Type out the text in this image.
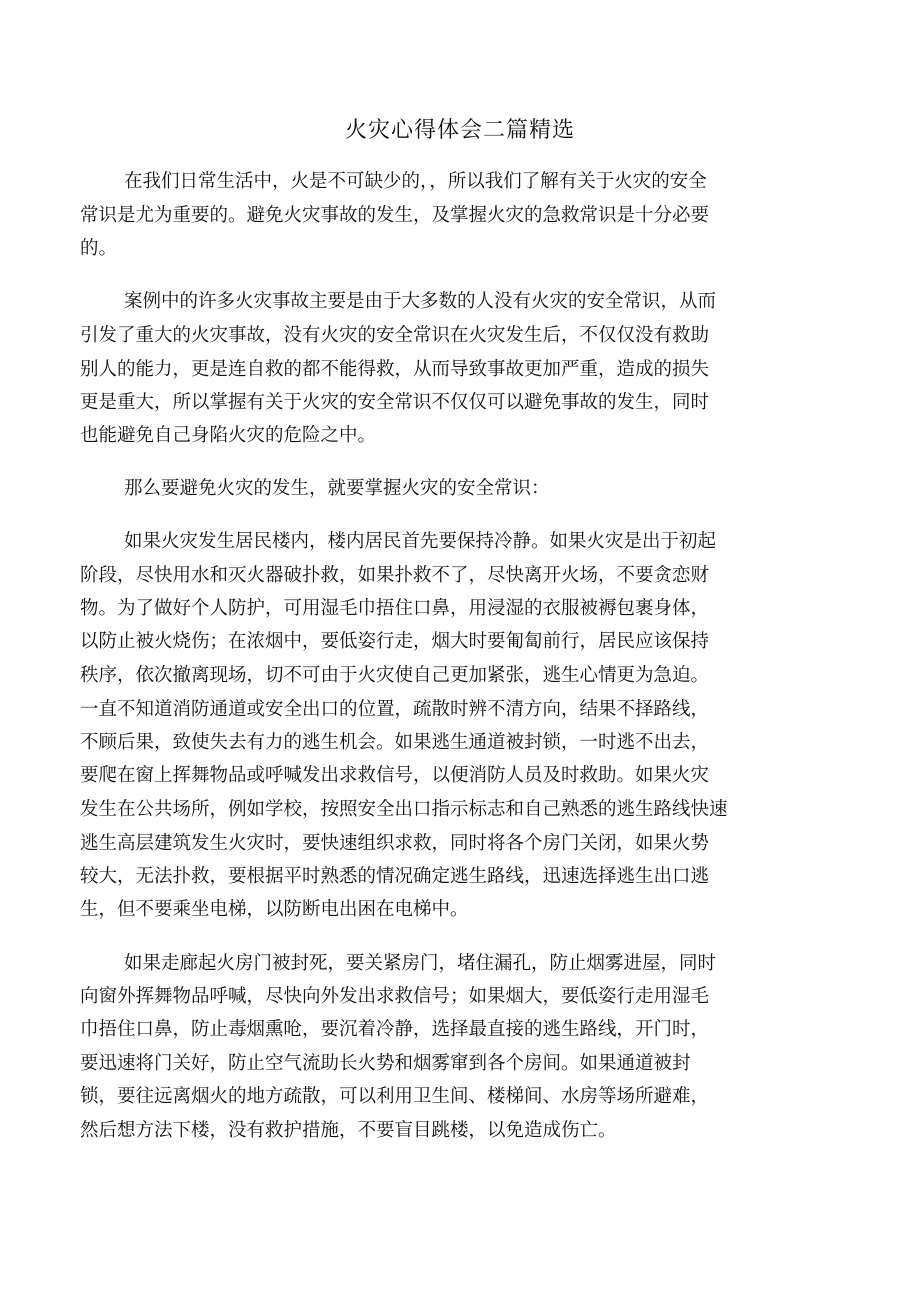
火灾心得体会二篇精选
在我们日常生活中，火是不可缺少的，，所以我们了解有关于火灾的安全
常识是尤为重要的。避免火灾事故的发生，及掌握火灾的急救常识是十分必要
的。
案例中的许多火灾事故主要是由于大多数的人没有火灾的安全常识，从而
引发了重大的火灾事故，没有火灾的安全常识在火灾发生后，不仅仅没有救助
别人的能力，更是连自救的都不能得救，从而导致事故更加严重，造成的损失
更是重大，所以掌握有关于火灾的安全常识不仅仅可以避免事故的发生，同时
也能避免自己身陷火灾的危险之中。
那么要避免火灾的发生，就要掌握火灾的安全常识：
如果火灾发生居民楼内，楼内居民首先要保持冷静。如果火灾是出于初起
阶段，尽快用水和灭火器破扑救，如果扑救不了，尽快离开火场，不要贪恋财
物。为了做好个人防护，可用湿毛巾捂住口鼻，用浸湿的衣服被褥包裹身体，
以防止被火烧伤；在浓烟中，要低姿行走，烟大时要匍匐前行，居民应该保持
秩序，依次撤离现场，切不可由于火灾使自己更加紧张，逃生心情更为急迫。
一直不知道消防通道或安全出口的位置，疏散时辨不清方向，结果不择路线，
不顾后果，致使失去有力的逃生机会。如果逃生通道被封锁，一时逃不出去，
要爬在窗上挥舞物品或呼喊发出求救信号，以便消防人员及时救助。如果火灾
发生在公共场所，例如学校，按照安全出口指示标志和自己熟悉的逃生路线快速
逃生高层建筑发生火灾时，要快速组织求救，同时将各个房门关闭，如果火势
较大，无法扑救，要根据平时熟悉的情况确定逃生路线，迅速选择逃生出口逃
生，但不要乘坐电梯，以防断电出困在电梯中。
如果走廊起火房门被封死，要关紧房门，堵住漏孔，防止烟雾进屋，同时
向窗外挥舞物品呼喊，尽快向外发出求救信号；如果烟大，要低姿行走用湿毛
巾捂住口鼻，防止毒烟熏呛，要沉着冷静，选择最直接的逃生路线，开门时，
要迅速将门关好，防止空气流助长火势和烟雾窜到各个房间。如果通道被封
锁，要往远离烟火的地方疏散，可以利用卫生间、楼梯间、水房等场所避难，
然后想方法下楼，没有救护措施，不要盲目跳楼，以免造成伤亡。
